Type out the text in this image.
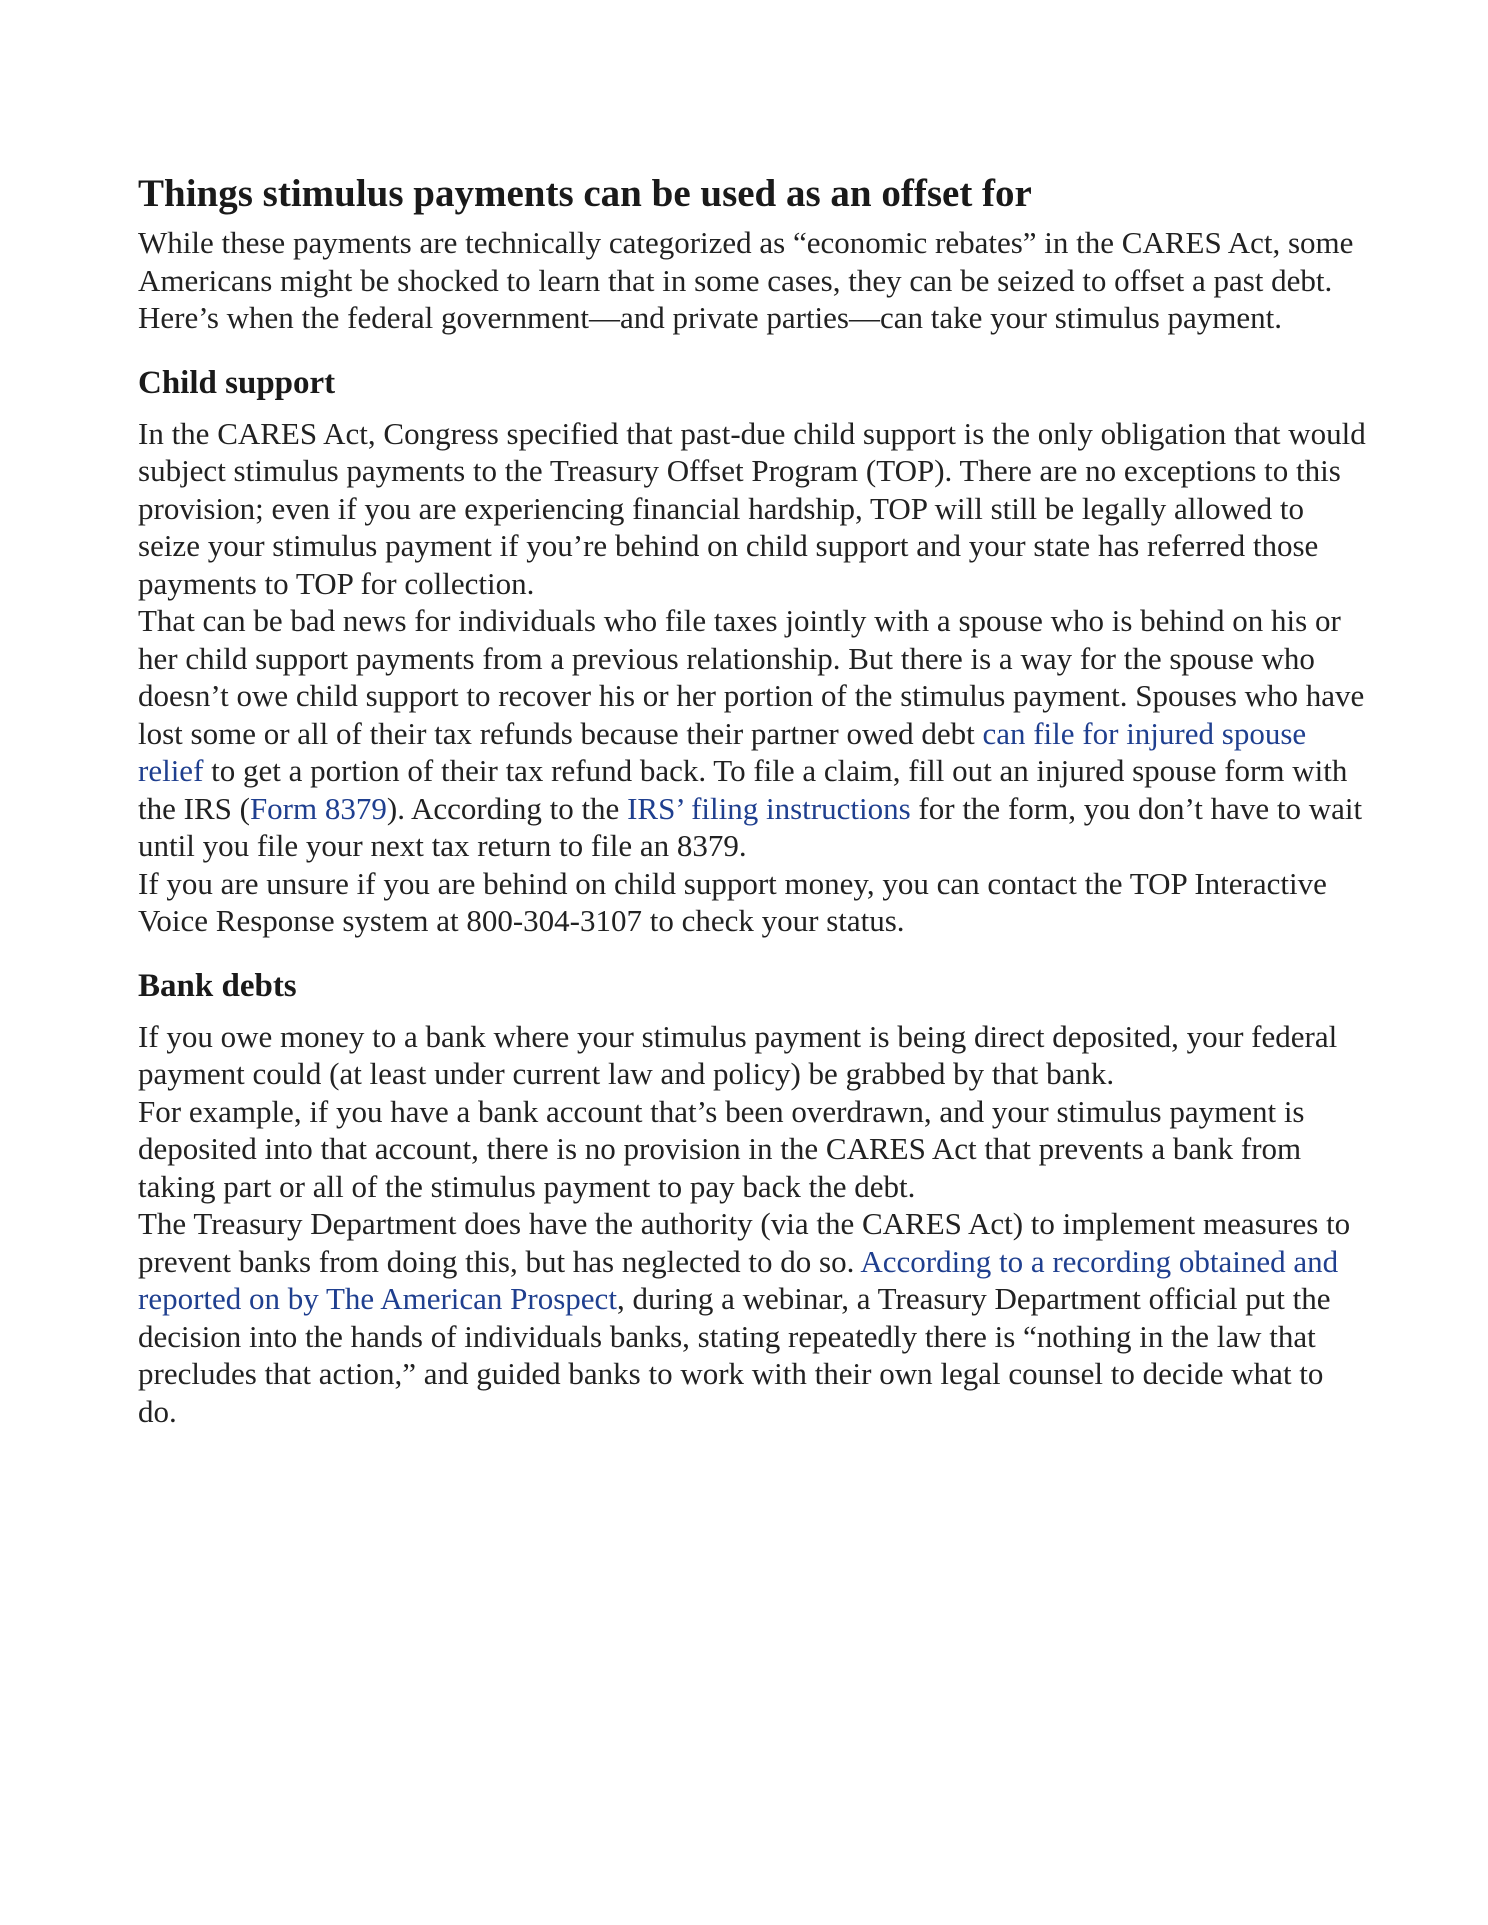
Things stimulus payments can be used as an offset for

While these payments are technically categorized as “economic rebates” in the CARES Act, some Americans might be shocked to learn that in some cases, they can be seized to offset a past debt. Here’s when the federal government—and private parties—can take your stimulus payment.

Child support

In the CARES Act, Congress specified that past-due child support is the only obligation that would subject stimulus payments to the Treasury Offset Program (TOP). There are no exceptions to this provision; even if you are experiencing financial hardship, TOP will still be legally allowed to seize your stimulus payment if you’re behind on child support and your state has referred those payments to TOP for collection.

That can be bad news for individuals who file taxes jointly with a spouse who is behind on his or her child support payments from a previous relationship. But there is a way for the spouse who doesn’t owe child support to recover his or her portion of the stimulus payment. Spouses who have lost some or all of their tax refunds because their partner owed debt can file for injured spouse relief to get a portion of their tax refund back. To file a claim, fill out an injured spouse form with the IRS (Form 8379). According to the IRS’ filing instructions for the form, you don’t have to wait until you file your next tax return to file an 8379.

If you are unsure if you are behind on child support money, you can contact the TOP Interactive Voice Response system at 800-304-3107 to check your status.

Bank debts

If you owe money to a bank where your stimulus payment is being direct deposited, your federal payment could (at least under current law and policy) be grabbed by that bank.

For example, if you have a bank account that’s been overdrawn, and your stimulus payment is deposited into that account, there is no provision in the CARES Act that prevents a bank from taking part or all of the stimulus payment to pay back the debt.

The Treasury Department does have the authority (via the CARES Act) to implement measures to prevent banks from doing this, but has neglected to do so. According to a recording obtained and reported on by The American Prospect, during a webinar, a Treasury Department official put the decision into the hands of individuals banks, stating repeatedly there is “nothing in the law that precludes that action,” and guided banks to work with their own legal counsel to decide what to do.
